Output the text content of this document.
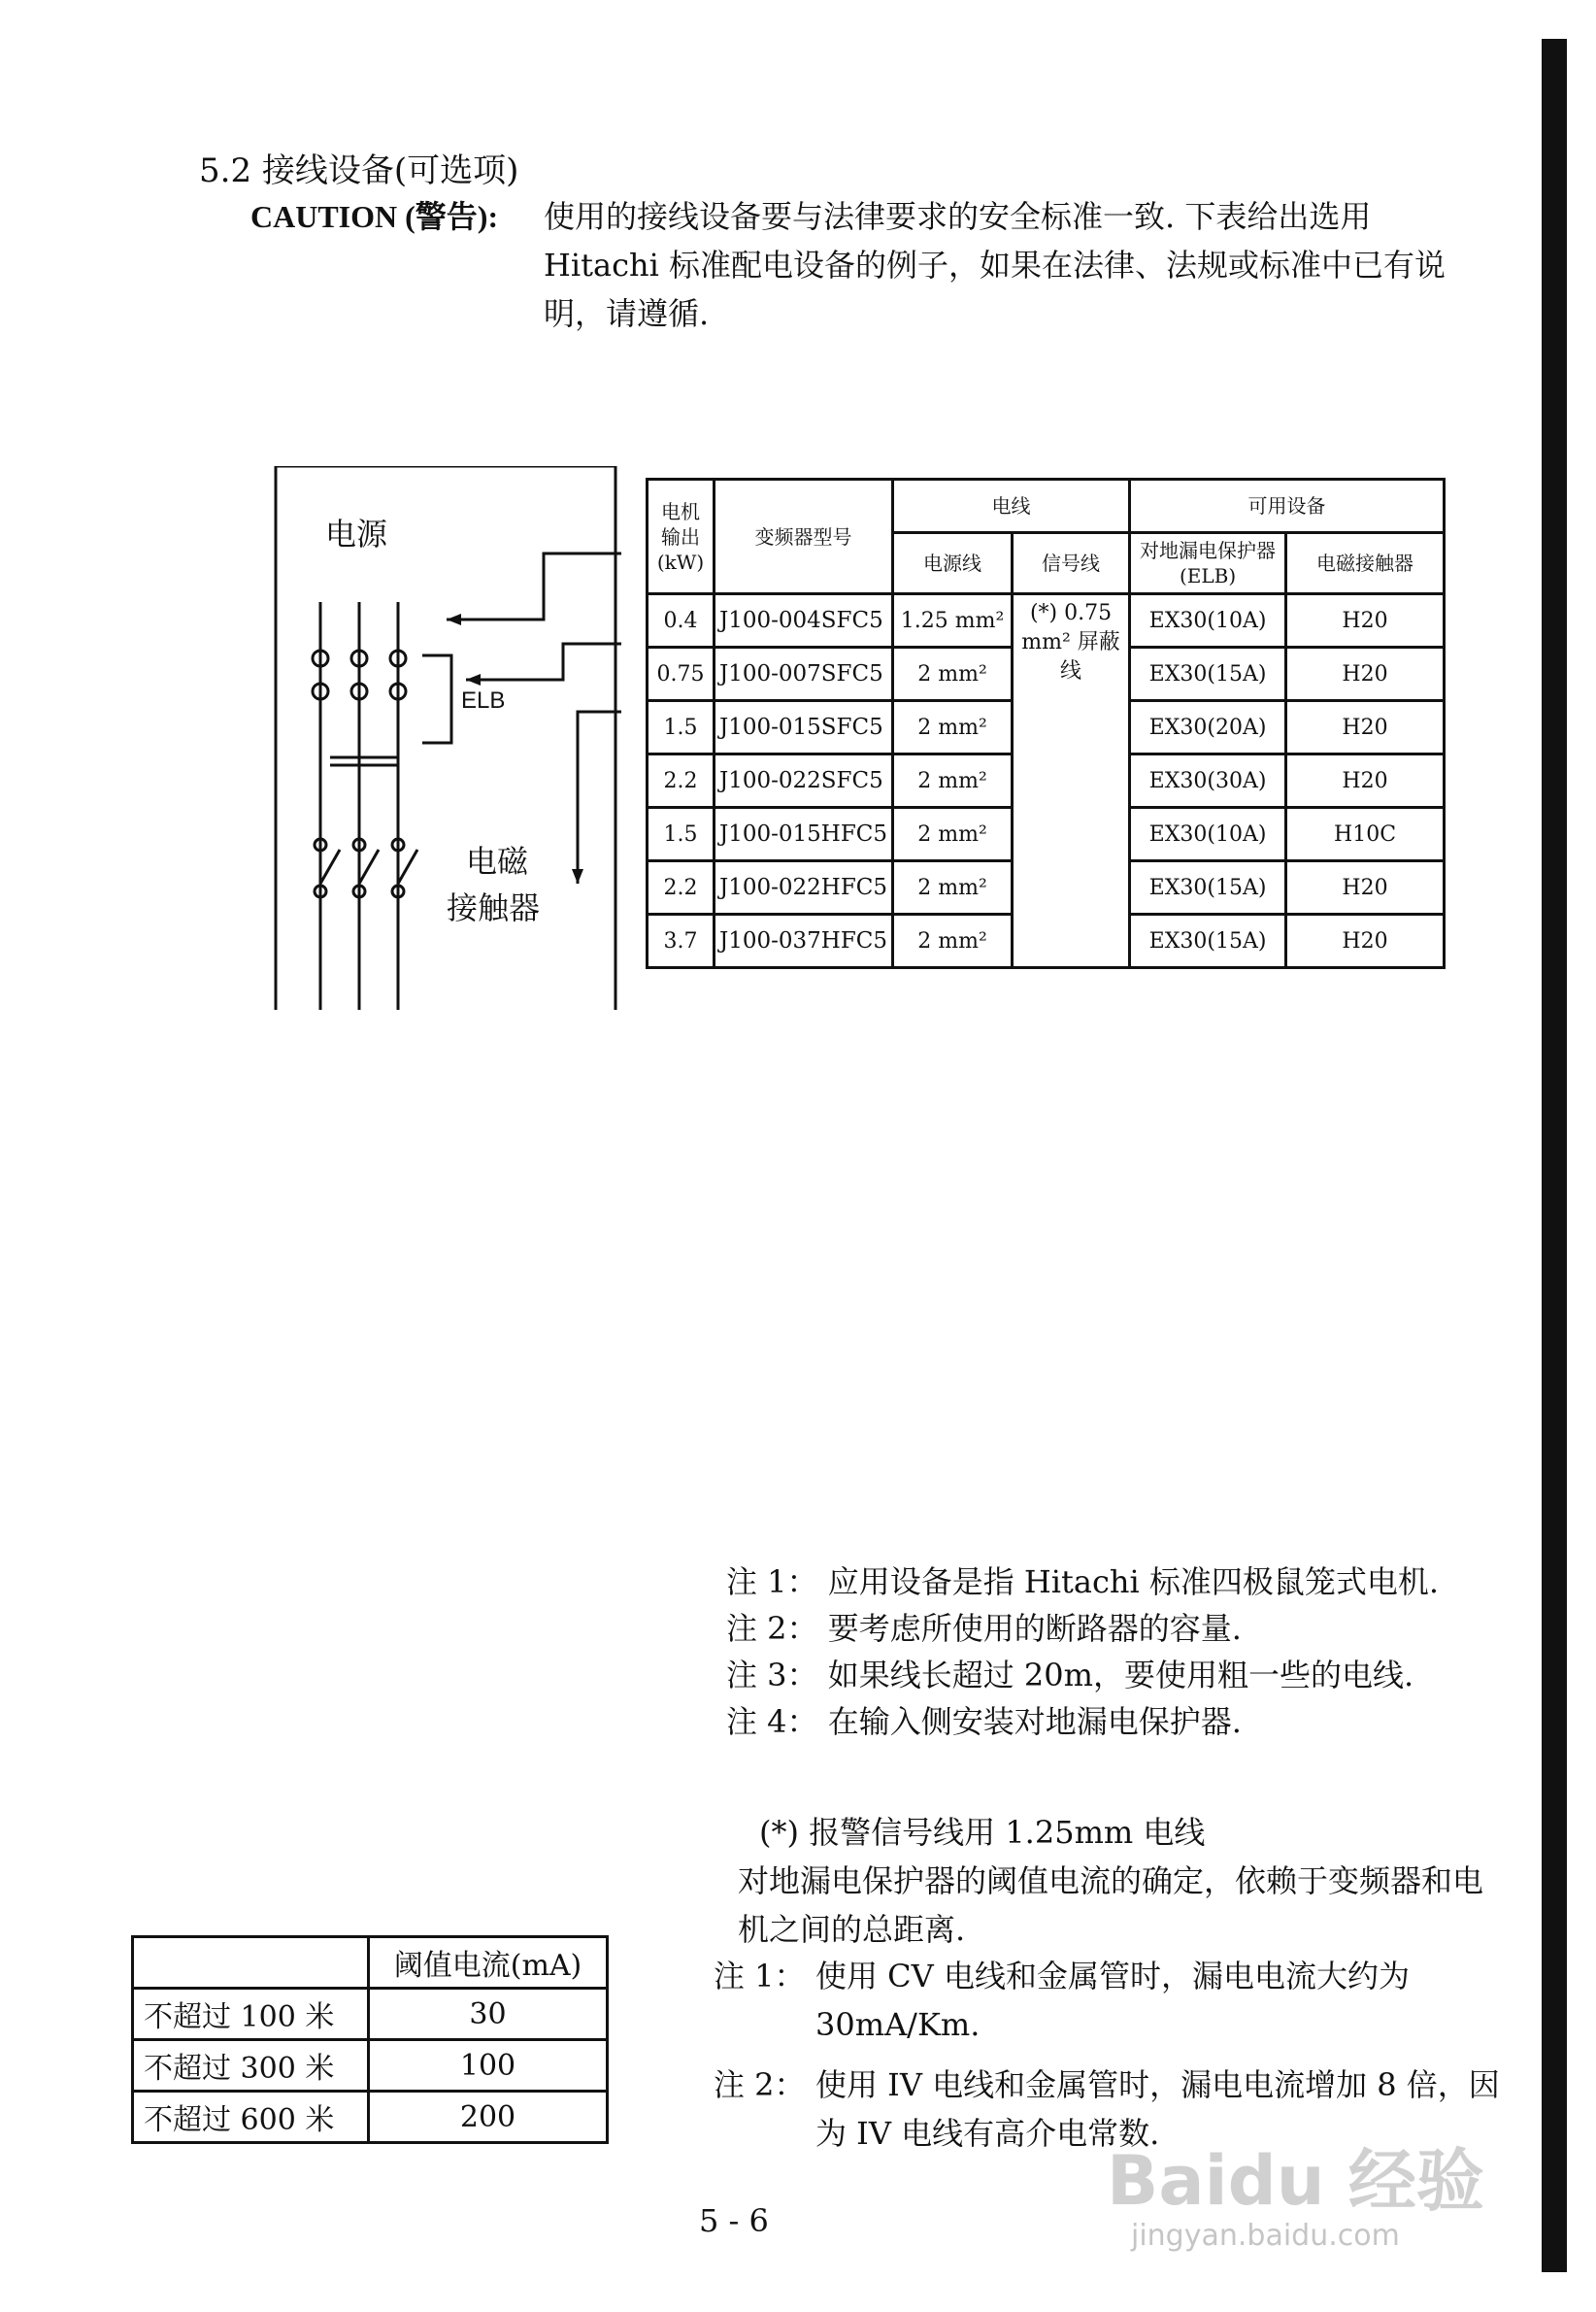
5.2 接线设备(可选项)
CAUTION (警告): 使用的接线设备要与法律要求的安全标准一致. 下表给出选用 Hitachi 标准配电设备的例子，如果在法律、法规或标准中已有说明，请遵循.
电源
ELB
电磁
接触器
电机输出(kW)	变频器型号	电线		可用设备	
		电源线	信号线	对地漏电保护器(ELB)	电磁接触器
0.4	J100-004SFC5	1.25 mm²	(*) 0.75 mm² 屏蔽线	EX30(10A)	H20
0.75	J100-007SFC5	2 mm²		EX30(15A)	H20
1.5	J100-015SFC5	2 mm²		EX30(20A)	H20
2.2	J100-022SFC5	2 mm²		EX30(30A)	H20
1.5	J100-015HFC5	2 mm²		EX30(10A)	H10C
2.2	J100-022HFC5	2 mm²		EX30(15A)	H20
3.7	J100-037HFC5	2 mm²		EX30(15A)	H20
注 1： 应用设备是指 Hitachi 标准四极鼠笼式电机.
注 2： 要考虑所使用的断路器的容量.
注 3： 如果线长超过 20m，要使用粗一些的电线.
注 4： 在输入侧安装对地漏电保护器.
(*) 报警信号线用 1.25mm 电线
对地漏电保护器的阈值电流的确定，依赖于变频器和电机之间的总距离.
注 1： 使用 CV 电线和金属管时，漏电电流大约为 30mA/Km.
注 2： 使用 IV 电线和金属管时，漏电电流增加 8 倍，因为 IV 电线有高介电常数.
	阈值电流(mA)
不超过 100 米	30
不超过 300 米	100
不超过 600 米	200
5 - 6	Baidu 经验
jingyan.baidu.com
